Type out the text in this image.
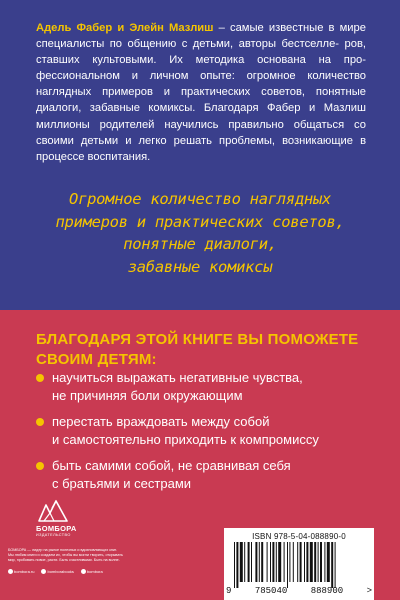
Адель Фабер и Элейн Мазлиш – самые известные в мире специалисты по общению с детьми, авторы бестселле- ров, ставших культовыми. Их методика основана на про- фессиональном и личном опыте: огромное количество наглядных примеров и практических советов, понятные диалоги, забавные комиксы. Благодаря Фабер и Мазлиш миллионы родителей научились правильно общаться со своими детьми и легко решать проблемы, возникающие в процессе воспитания.

Огромное количество наглядных
примеров и практических советов,
понятные диалоги,
забавные комиксы
БЛАГОДАРЯ ЭТОЙ КНИГЕ ВЫ ПОМОЖЕТЕ
СВОИМ ДЕТЯМ:
научиться выражать негативные чувства,
не причиняя боли окружающим
перестать враждовать между собой
и самостоятельно приходить к компромиссу
быть самими собой, не сравнивая себя
с братьями и сестрами
БОМБОРА
ИЗДАТЕЛЬСТВО
БОМБОРА — лидер на рынке полезных и вдохновляющих книг.
Мы любим книги и создаем их, чтобы вы могли творить, открывать
мир, пробовать новое, расти. Быть счастливыми. Быть на волне.
bombora.ru	bomborabooks	bombora
ISBN 978-5-04-088890-0
9	785040	888900	>
